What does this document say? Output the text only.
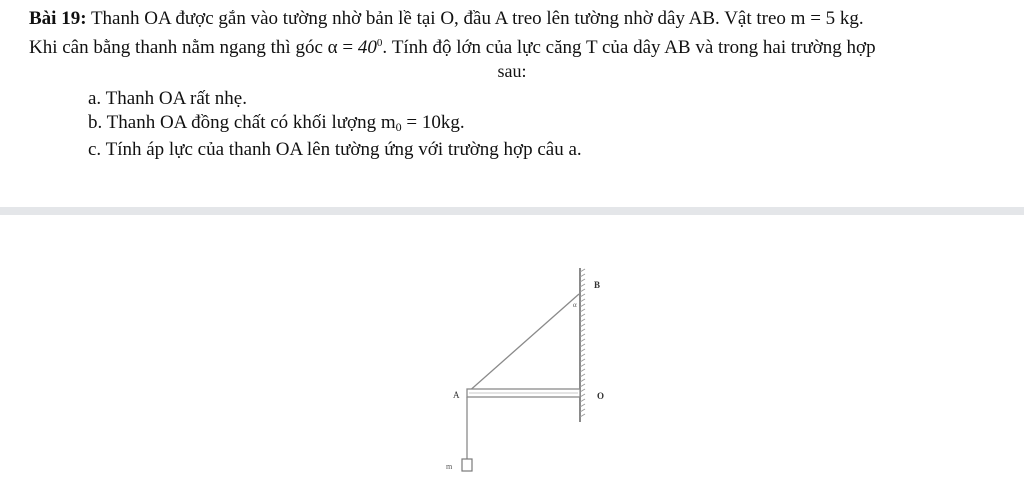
Bài 19: Thanh OA được gắn vào tường nhờ bản lề tại O, đầu A treo lên tường nhờ dây AB. Vật treo m = 5 kg.
Khi cân bằng thanh nằm ngang thì góc $\alpha = 40^0$. Tính độ lớn của lực căng T của dây AB và trong hai trường hợp
sau:
a. Thanh OA rất nhẹ.
b. Thanh OA đồng chất có khối lượng $m_0 = 10kg$.
c. Tính áp lực của thanh OA lên tường ứng với trường hợp câu a.
B
A	O
α
m
